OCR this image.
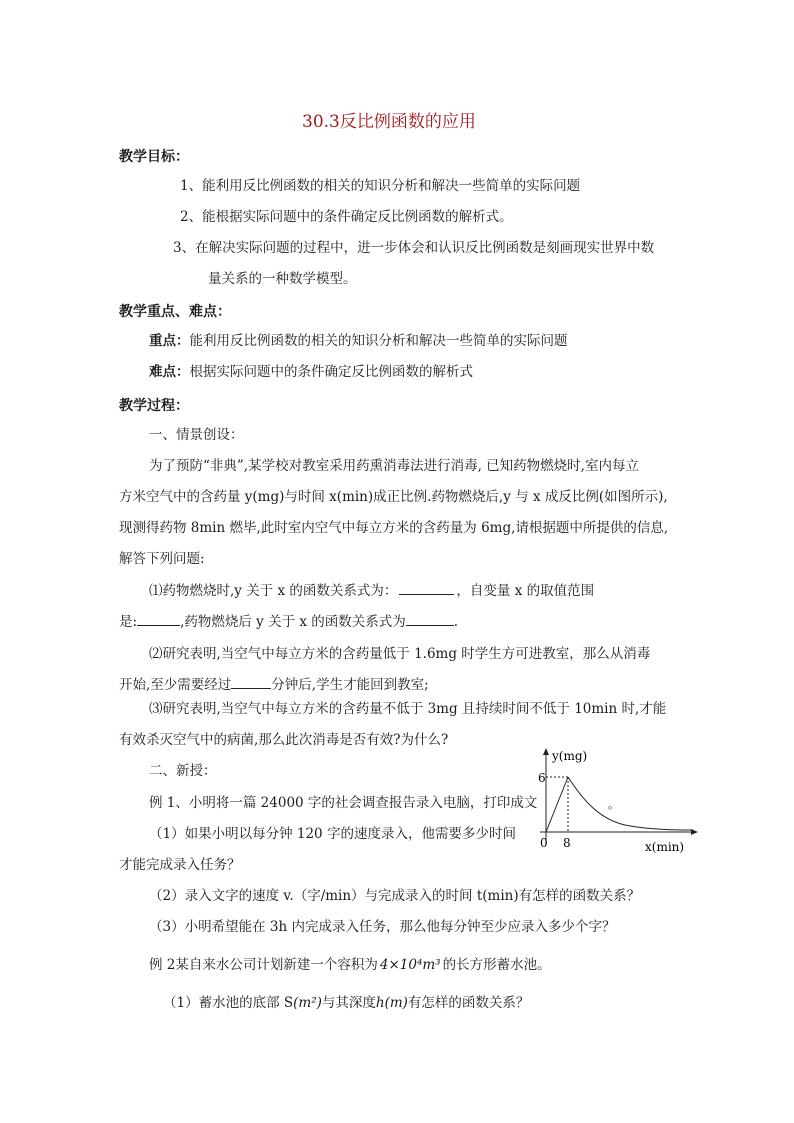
30.3反比例函数的应用
教学目标：
1、能利用反比例函数的相关的知识分析和解决一些简单的实际问题
2、能根据实际问题中的条件确定反比例函数的解析式。
3、在解决实际问题的过程中，进一步体会和认识反比例函数是刻画现实世界中数
量关系的一种数学模型。
教学重点、难点：
重点：能利用反比例函数的相关的知识分析和解决一些简单的实际问题
难点：根据实际问题中的条件确定反比例函数的解析式
教学过程：
一、情景创设：
为了预防“非典”,某学校对教室采用药熏消毒法进行消毒, 已知药物燃烧时,室内每立
方米空气中的含药量 y(mg)与时间 x(min)成正比例.药物燃烧后,y 与 x 成反比例(如图所示),
现测得药物 8min 燃毕,此时室内空气中每立方米的含药量为 6mg,请根据题中所提供的信息,
解答下列问题:
⑴药物燃烧时,y 关于 x 的函数关系式为：	，自变量 x 的取值范围
是:	,药物燃烧后 y 关于 x 的函数关系式为	.
⑵研究表明,当空气中每立方米的含药量低于 1.6mg 时学生方可进教室，那么从消毒
开始,至少需要经过	分钟后,学生才能回到教室;
⑶研究表明,当空气中每立方米的含药量不低于 3mg 且持续时间不低于 10min 时,才能
有效杀灭空气中的病菌,那么此次消毒是否有效?为什么?
二、新授：
例 1、小明将一篇 24000 字的社会调查报告录入电脑，打印成文
（1）如果小明以每分钟 120 字的速度录入，他需要多少时间
才能完成录入任务？
（2）录入文字的速度 v.（字/min）与完成录入的时间 t(min)有怎样的函数关系？
（3）小明希望能在 3h 内完成录入任务，那么他每分钟至少应录入多少个字？
例 2某自来水公司计划新建一个容积为 4×10⁴m³ 的长方形蓄水池。
（1）蓄水池的底部 S(m²)与其深度h(m)有怎样的函数关系？
y(mg)
x(min)
6
8
0
。
